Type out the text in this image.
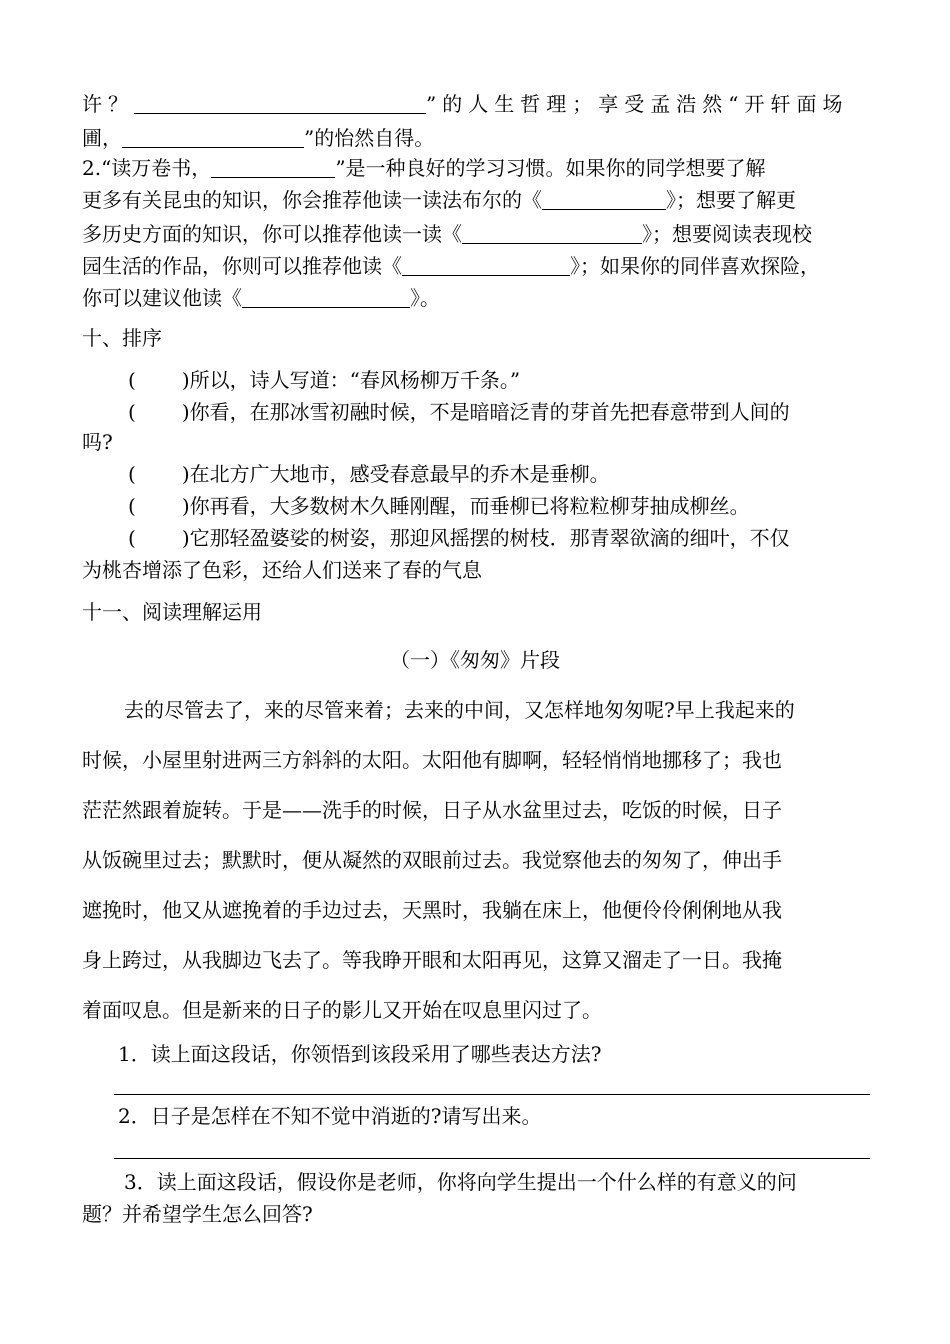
许？	”的人生哲理；享受孟浩然“开轩面场
圃，	”的怡然自得。
2.“读万卷书，	”是一种良好的学习习惯。如果你的同学想要了解
更多有关昆虫的知识，你会推荐他读一读法布尔的《	》；想要了解更
多历史方面的知识，你可以推荐他读一读《	》；想要阅读表现校
园生活的作品，你则可以推荐他读《	》；如果你的同伴喜欢探险，
你可以建议他读《	》。
十、排序
( )所以，诗人写道：“春风杨柳万千条。”
( )你看，在那冰雪初融时候，不是暗暗泛青的芽首先把春意带到人间的
吗?
( )在北方广大地市，感受春意最早的乔木是垂柳。
( )你再看，大多数树木久睡刚醒，而垂柳已将粒粒柳芽抽成柳丝。
( )它那轻盈婆娑的树姿，那迎风摇摆的树枝．那青翠欲滴的细叶，不仅
为桃杏增添了色彩，还给人们送来了春的气息
十一、阅读理解运用
（一）《匆匆》片段
去的尽管去了，来的尽管来着；去来的中间，又怎样地匆匆呢?早上我起来的
时候，小屋里射进两三方斜斜的太阳。太阳他有脚啊，轻轻悄悄地挪移了；我也
茫茫然跟着旋转。于是——洗手的时候，日子从水盆里过去，吃饭的时候，日子
从饭碗里过去；默默时，便从凝然的双眼前过去。我觉察他去的匆匆了，伸出手
遮挽时，他又从遮挽着的手边过去，天黑时，我躺在床上，他便伶伶俐俐地从我
身上跨过，从我脚边飞去了。等我睁开眼和太阳再见，这算又溜走了一日。我掩
着面叹息。但是新来的日子的影儿又开始在叹息里闪过了。
1．读上面这段话，你领悟到该段采用了哪些表达方法?
2．日子是怎样在不知不觉中消逝的?请写出来。
3．读上面这段话，假设你是老师，你将向学生提出一个什么样的有意义的问
题？并希望学生怎么回答?
